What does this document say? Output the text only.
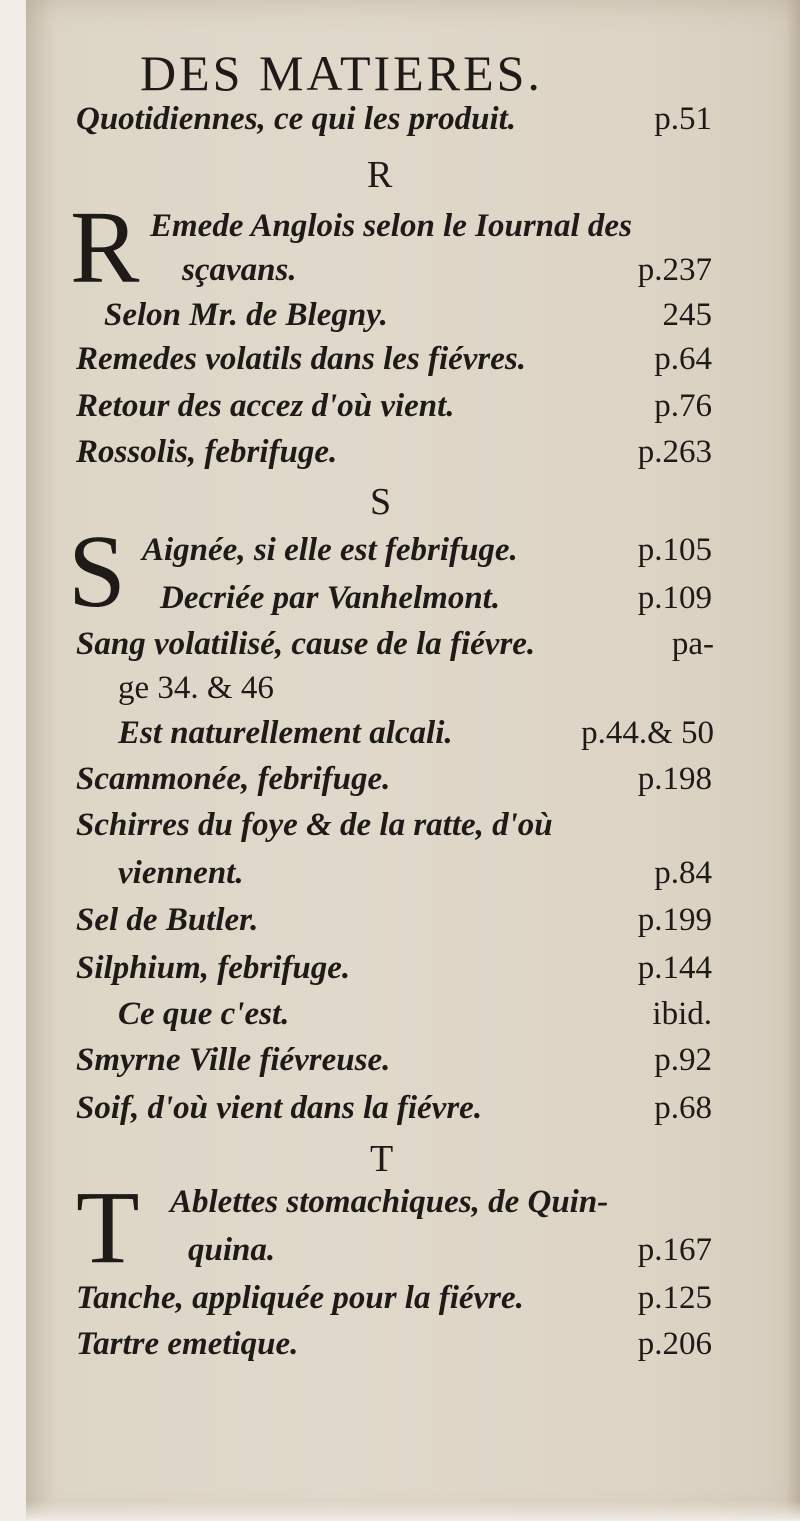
DES MATIERES.
Quotidiennes, ce qui les produit.	p.51
R
R Emede Anglois selon le Iournal des
sçavans.	p.237
Selon Mr. de Blegny.	245
Remedes volatils dans les fiévres.	p.64
Retour des accez d'où vient.	p.76
Rossolis, febrifuge.	p.263
S
S Aignée, si elle est febrifuge.	p.105
Decriée par Vanhelmont.	p.109
Sang volatilisé, cause de la fiévre.	pa-
ge 34. & 46
Est naturellement alcali.	p.44.& 50
Scammonée, febrifuge.	p.198
Schirres du foye & de la ratte, d'où
viennent.	p.84
Sel de Butler.	p.199
Silphium, febrifuge.	p.144
Ce que c'est.	ibid.
Smyrne Ville fiévreuse.	p.92
Soif, d'où vient dans la fiévre.	p.68
T
T Ablettes stomachiques, de Quin-
quina.	p.167
Tanche, appliquée pour la fiévre.	p.125
Tartre emetique.	p.206
